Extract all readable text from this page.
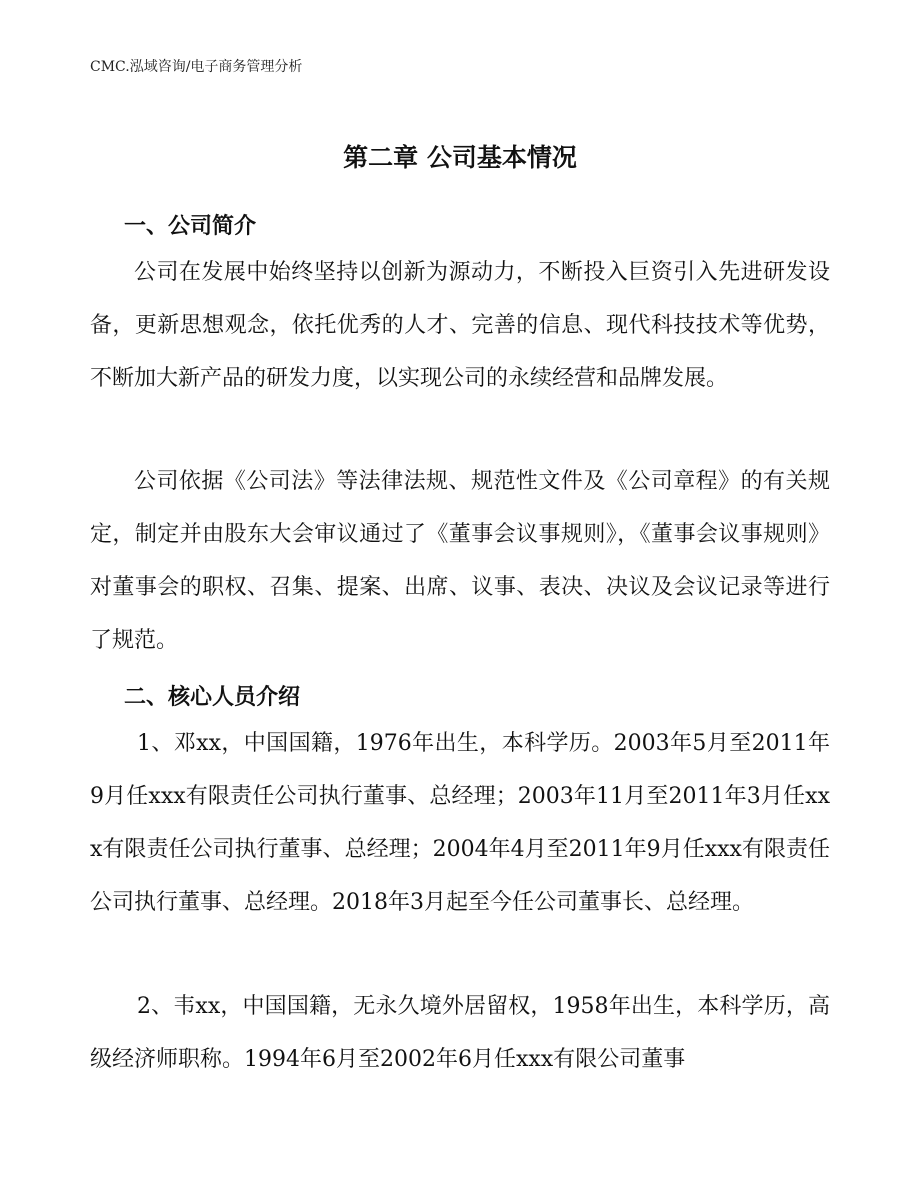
CMC.泓域咨询/电子商务管理分析
第二章 公司基本情况
一、公司简介
公司在发展中始终坚持以创新为源动力，不断投入巨资引入先进研发设备，更新思想观念，依托优秀的人才、完善的信息、现代科技技术等优势，不断加大新产品的研发力度，以实现公司的永续经营和品牌发展。
公司依据《公司法》等法律法规、规范性文件及《公司章程》的有关规定，制定并由股东大会审议通过了《董事会议事规则》，《董事会议事规则》对董事会的职权、召集、提案、出席、议事、表决、决议及会议记录等进行了规范。
二、核心人员介绍
1、邓xx，中国国籍，1976年出生，本科学历。2003年5月至2011年9月任xxx有限责任公司执行董事、总经理；2003年11月至2011年3月任xxx有限责任公司执行董事、总经理；2004年4月至2011年9月任xxx有限责任公司执行董事、总经理。2018年3月起至今任公司董事长、总经理。
2、韦xx，中国国籍，无永久境外居留权，1958年出生，本科学历，高级经济师职称。1994年6月至2002年6月任xxx有限公司董事
